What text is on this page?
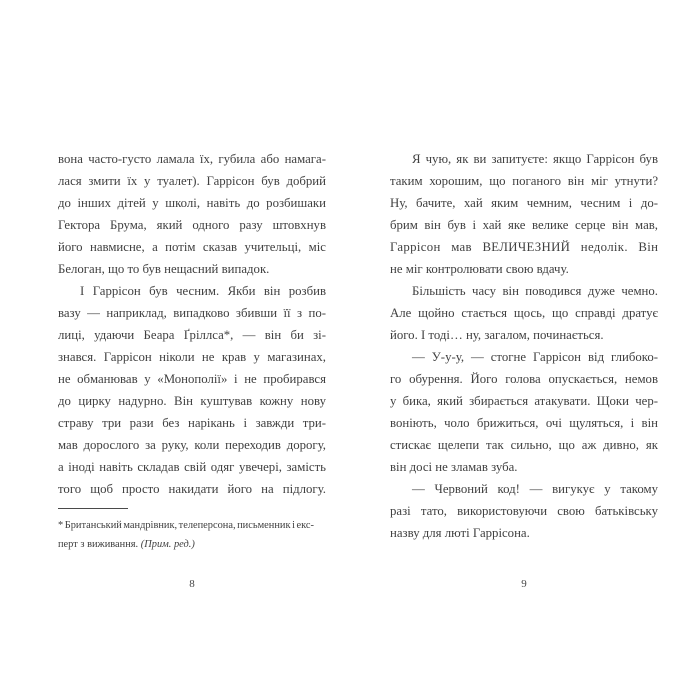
вона часто-густо ламала їх, губила або намага-
лася змити їх у туалет). Гаррісон був добрий
до інших дітей у школі, навіть до розбишаки
Гектора Брума, який одного разу штовхнув
його навмисне, а потім сказав учительці, міс
Белоган, що то був нещасний випадок.
І Гаррісон був чесним. Якби він розбив
вазу — наприклад, випадково збивши її з по-
лиці, удаючи Беара Ґріллса*, — він би зі-
знався. Гаррісон ніколи не крав у магазинах,
не обманював у «Монополії» і не пробирався
до цирку надурно. Він куштував кожну нову
страву три рази без нарікань і завжди три-
мав дорослого за руку, коли переходив дорогу,
а іноді навіть складав свій одяг увечері, замість
того щоб просто накидати його на підлогу.
* Британський мандрівник, телеперсона, письменник і екс-
перт з виживання. (Прим. ред.)
8
Я чую, як ви запитуєте: якщо Гаррісон був
таким хорошим, що поганого він міг утнути?
Ну, бачите, хай яким чемним, чесним і до-
брим він був і хай яке велике серце він мав,
Гаррісон мав ВЕЛИЧЕЗНИЙ недолік. Він
не міг контролювати свою вдачу.
Більшість часу він поводився дуже чемно.
Але щойно стається щось, що справді дратує
його. І тоді… ну, загалом, починається.
— У-у-у, — стогне Гаррісон від глибоко-
го обурення. Його голова опускається, немов
у бика, який збирається атакувати. Щоки чер-
воніють, чоло брижиться, очі щуляться, і він
стискає щелепи так сильно, що аж дивно, як
він досі не зламав зуба.
— Червоний код! — вигукує у такому
разі тато, використовуючи свою батьківську
назву для люті Гаррісона.
9
